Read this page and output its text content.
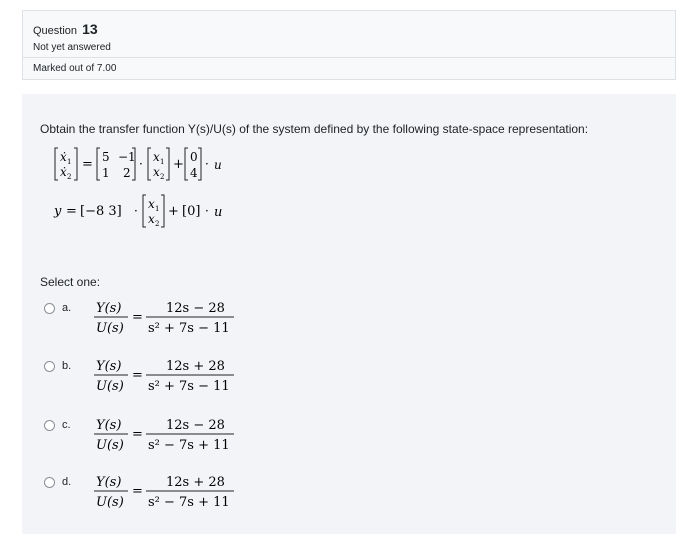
Question 13
Not yet answered
Marked out of 7.00
Obtain the transfer function Y(s)/U(s) of the system defined by the following state-space representation:
ẋ 1
ẋ 2
= 5 −1
1 2
· x 1
x 2
+ 0
4
· u
y = [−8 3] · x 1
x 2
+ [0] · u
Select one:
a. Y(s)
U(s)
=
12s − 28
s² + 7s − 11
b. Y(s)
U(s)
=
12s + 28
s² + 7s − 11
c. Y(s)
U(s)
=
12s − 28
s² − 7s + 11
d. Y(s)
U(s)
=
12s + 28
s² − 7s + 11
